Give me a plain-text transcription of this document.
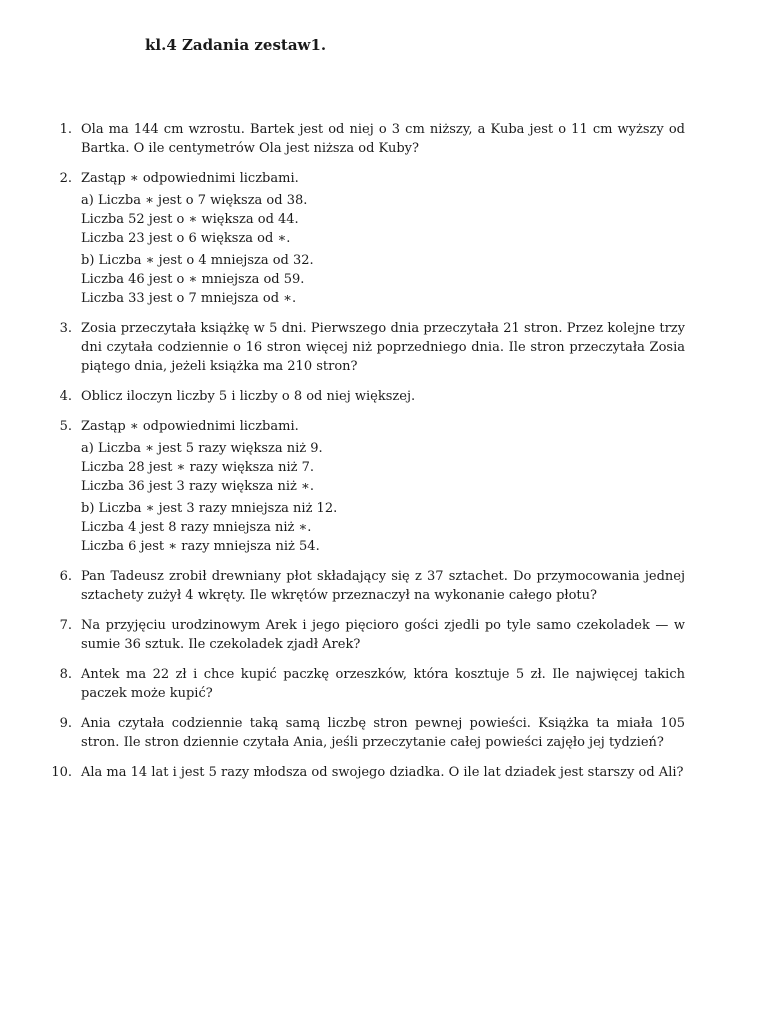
kl.4 Zadania zestaw1.
1. Ola ma 144 cm wzrostu. Bartek jest od niej o 3 cm niższy, a Kuba jest o 11 cm wyższy od Bartka. O ile centymetrów Ola jest niższa od Kuby?
2. Zastąp ∗ odpowiednimi liczbami.
a) Liczba ∗ jest o 7 większa od 38.
Liczba 52 jest o ∗ większa od 44.
Liczba 23 jest o 6 większa od ∗.
b) Liczba ∗ jest o 4 mniejsza od 32.
Liczba 46 jest o ∗ mniejsza od 59.
Liczba 33 jest o 7 mniejsza od ∗.
3. Zosia przeczytała książkę w 5 dni. Pierwszego dnia przeczytała 21 stron. Przez kolejne trzy dni czytała codziennie o 16 stron więcej niż poprzedniego dnia. Ile stron przeczytała Zosia piątego dnia, jeżeli książka ma 210 stron?
4. Oblicz iloczyn liczby 5 i liczby o 8 od niej większej.
5. Zastąp ∗ odpowiednimi liczbami.
a) Liczba ∗ jest 5 razy większa niż 9.
Liczba 28 jest ∗ razy większa niż 7.
Liczba 36 jest 3 razy większa niż ∗.
b) Liczba ∗ jest 3 razy mniejsza niż 12.
Liczba 4 jest 8 razy mniejsza niż ∗.
Liczba 6 jest ∗ razy mniejsza niż 54.
6. Pan Tadeusz zrobił drewniany płot składający się z 37 sztachet. Do przymocowania jednej sztachety zużył 4 wkręty. Ile wkrętów przeznaczył na wykonanie całego płotu?
7. Na przyjęciu urodzinowym Arek i jego pięcioro gości zjedli po tyle samo czekoladek — w sumie 36 sztuk. Ile czekoladek zjadł Arek?
8. Antek ma 22 zł i chce kupić paczkę orzeszków, która kosztuje 5 zł. Ile najwięcej takich paczek może kupić?
9. Ania czytała codziennie taką samą liczbę stron pewnej powieści. Książka ta miała 105 stron. Ile stron dziennie czytała Ania, jeśli przeczytanie całej powieści zajęło jej tydzień?
10. Ala ma 14 lat i jest 5 razy młodsza od swojego dziadka. O ile lat dziadek jest starszy od Ali?
